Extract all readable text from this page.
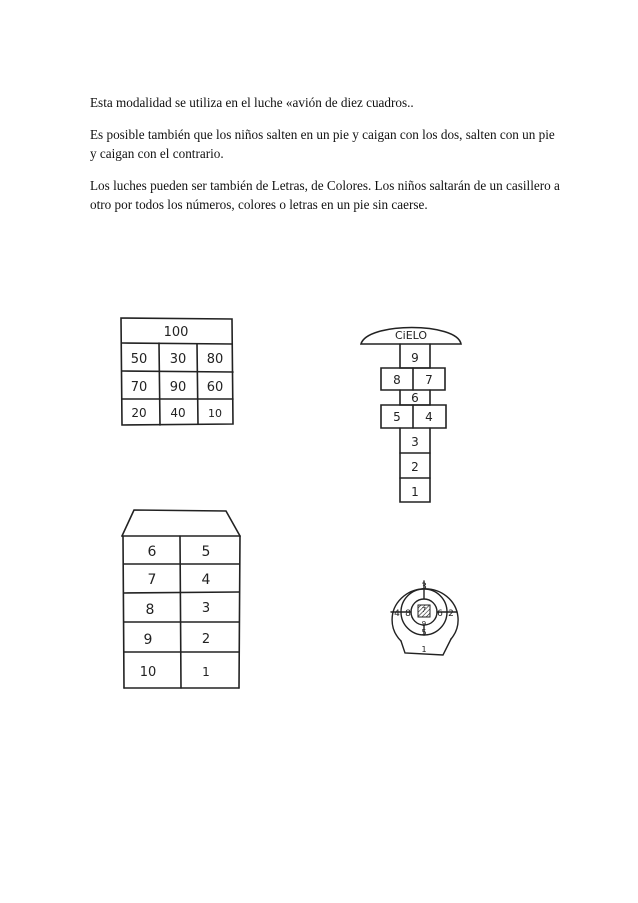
Esta modalidad se utiliza en el luche «avión de diez cuadros..

Es posible también que los niños salten en un pie y caigan con los dos, salten con un pie y caigan con el contrario.

Los luches pueden ser también de Letras, de Colores. Los niños saltarán de un casillero a otro por todos los números, colores o letras en un pie sin caerse.

100
50 30 80
70 90 60
20 40 10
CiELO
9
8 7
6
5 4
3
2
1
6
7
8
9
10
5
4
3
2
1
3
7
4 8	6 2
9
5
1
